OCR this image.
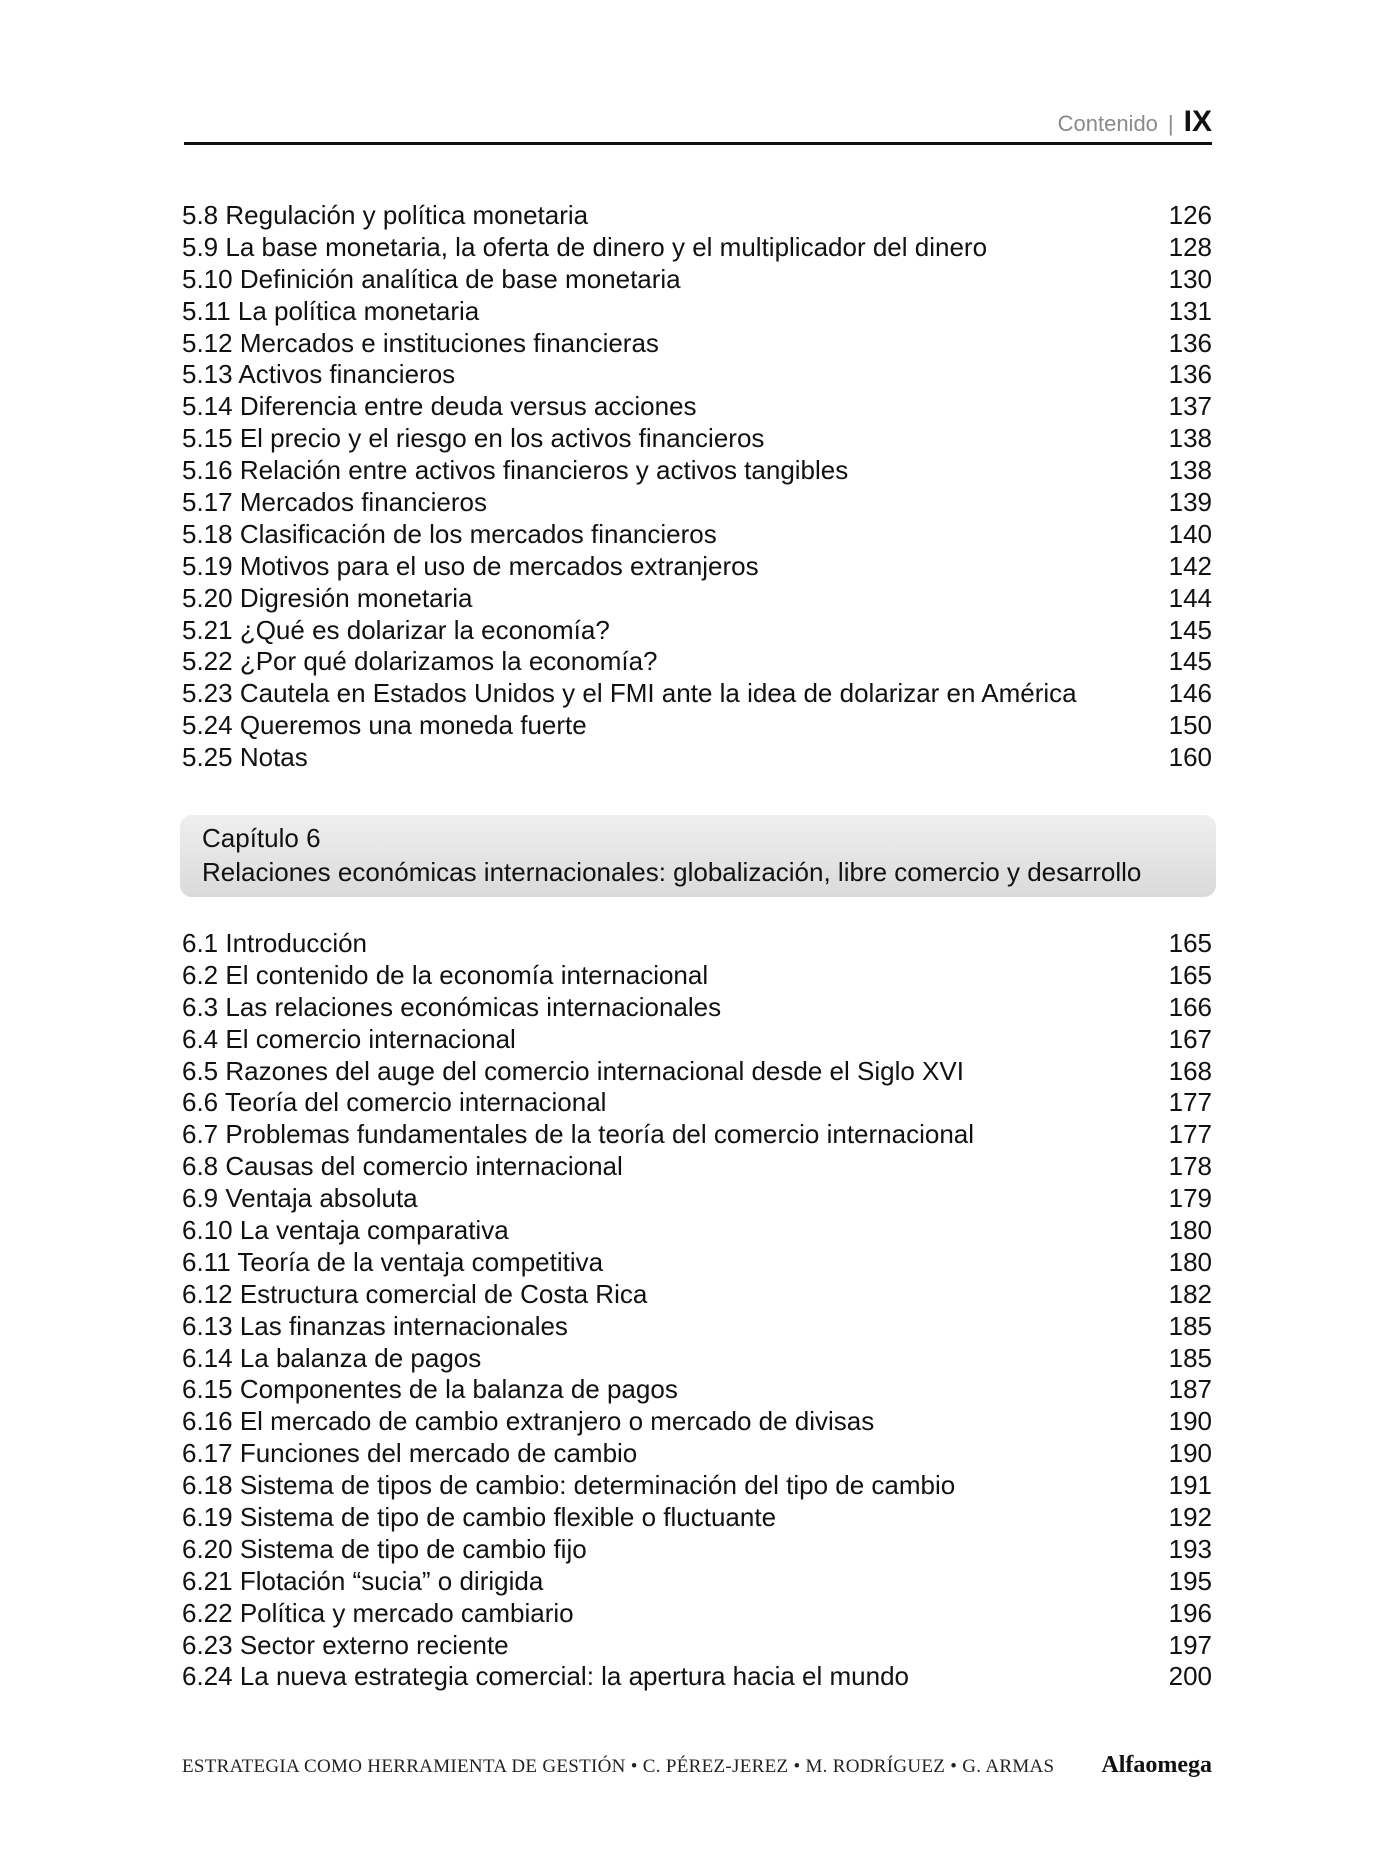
Contenido | IX
5.8 Regulación y política monetaria	126
5.9 La base monetaria, la oferta de dinero y el multiplicador del dinero	128
5.10 Definición analítica de base monetaria	130
5.11 La política monetaria	131
5.12 Mercados e instituciones financieras	136
5.13 Activos financieros	136
5.14 Diferencia entre deuda versus acciones	137
5.15 El precio y el riesgo en los activos financieros	138
5.16 Relación entre activos financieros y activos tangibles	138
5.17 Mercados financieros	139
5.18 Clasificación de los mercados financieros	140
5.19 Motivos para el uso de mercados extranjeros	142
5.20 Digresión monetaria	144
5.21 ¿Qué es dolarizar la economía?	145
5.22 ¿Por qué dolarizamos la economía?	145
5.23 Cautela en Estados Unidos y el FMI ante la idea de dolarizar en América	146
5.24 Queremos una moneda fuerte	150
5.25 Notas	160
Capítulo 6
Relaciones económicas internacionales: globalización, libre comercio y desarrollo
6.1 Introducción	165
6.2 El contenido de la economía internacional	165
6.3 Las relaciones económicas internacionales	166
6.4 El comercio internacional	167
6.5 Razones del auge del comercio internacional desde el Siglo XVI	168
6.6 Teoría del comercio internacional	177
6.7 Problemas fundamentales de la teoría del comercio internacional	177
6.8 Causas del comercio internacional	178
6.9 Ventaja absoluta	179
6.10 La ventaja comparativa	180
6.11 Teoría de la ventaja competitiva	180
6.12 Estructura comercial de Costa Rica	182
6.13 Las finanzas internacionales	185
6.14 La balanza de pagos	185
6.15 Componentes de la balanza de pagos	187
6.16 El mercado de cambio extranjero o mercado de divisas	190
6.17 Funciones del mercado de cambio	190
6.18 Sistema de tipos de cambio: determinación del tipo de cambio	191
6.19 Sistema de tipo de cambio flexible o fluctuante	192
6.20 Sistema de tipo de cambio fijo	193
6.21 Flotación “sucia” o dirigida	195
6.22 Política y mercado cambiario	196
6.23 Sector externo reciente	197
6.24 La nueva estrategia comercial: la apertura hacia el mundo	200
ESTRATEGIA COMO HERRAMIENTA DE GESTIÓN • C. PÉREZ-JEREZ • M. RODRÍGUEZ • G. ARMAS Alfaomega
